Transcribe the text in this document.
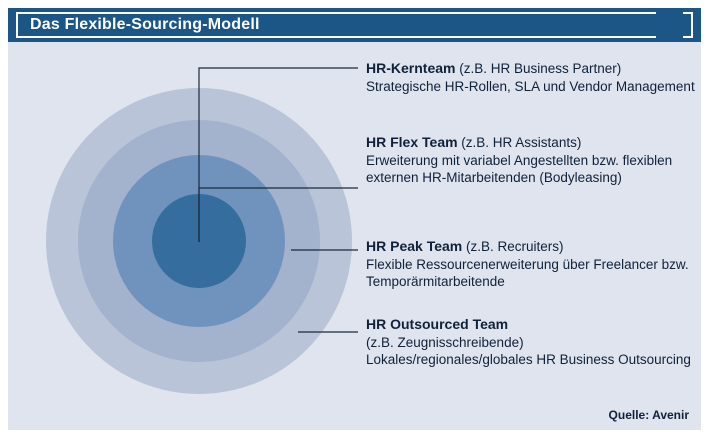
Das Flexible-Sourcing-Modell
HR-Kernteam (z.B. HR Business Partner)
Strategische HR-Rollen, SLA und Vendor Management
HR Flex Team (z.B. HR Assistants)
Erweiterung mit variabel Angestellten bzw. flexiblen externen HR-Mitarbeitenden (Bodyleasing)
HR Peak Team (z.B. Recruiters)
Flexible Ressourcenerweiterung über Freelancer bzw. Temporärmitarbeitende
HR Outsourced Team
(z.B. Zeugnisschreibende)
Lokales/regionales/globales HR Business Outsourcing
Quelle: Avenir
